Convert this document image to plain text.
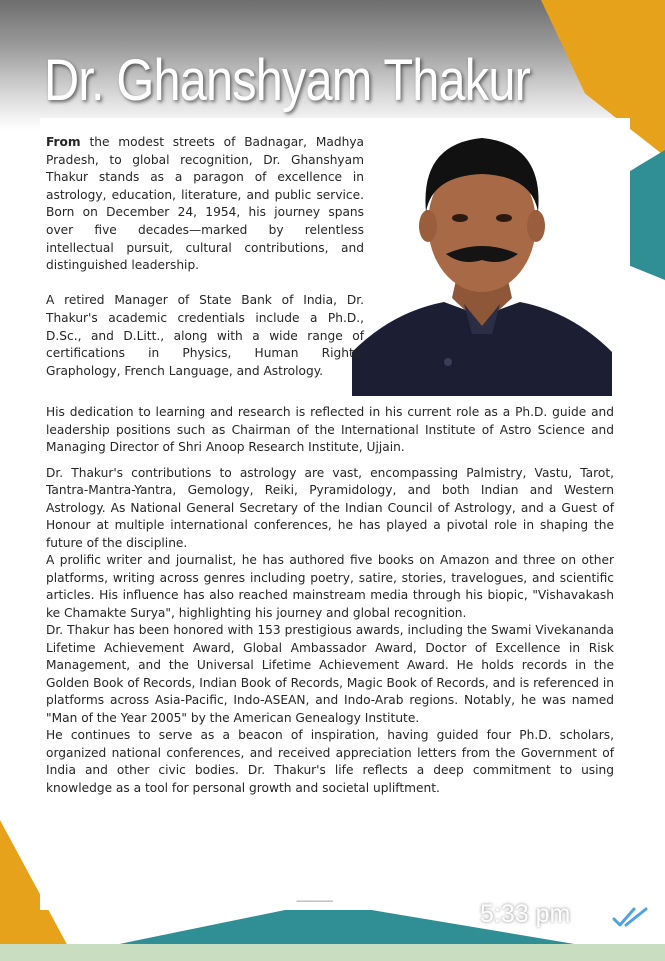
Dr. Ghanshyam Thakur

From the modest streets of Badnagar, Madhya Pradesh, to global recognition, Dr. Ghanshyam Thakur stands as a paragon of excellence in astrology, education, literature, and public service. Born on December 24, 1954, his journey spans over five decades—marked by relentless intellectual pursuit, cultural contributions, and distinguished leadership.

A retired Manager of State Bank of India, Dr. Thakur's academic credentials include a Ph.D., D.Sc., and D.Litt., along with a wide range of certifications in Physics, Human Rights, Graphology, French Language, and Astrology.

His dedication to learning and research is reflected in his current role as a Ph.D. guide and leadership positions such as Chairman of the International Institute of Astro Science and Managing Director of Shri Anoop Research Institute, Ujjain.

Dr. Thakur's contributions to astrology are vast, encompassing Palmistry, Vastu, Tarot, Tantra-Mantra-Yantra, Gemology, Reiki, Pyramidology, and both Indian and Western Astrology. As National General Secretary of the Indian Council of Astrology, and a Guest of Honour at multiple international conferences, he has played a pivotal role in shaping the future of the discipline.

A prolific writer and journalist, he has authored five books on Amazon and three on other platforms, writing across genres including poetry, satire, stories, travelogues, and scientific articles. His influence has also reached mainstream media through his biopic, "Vishavakash ke Chamakte Surya", highlighting his journey and global recognition.

Dr. Thakur has been honored with 153 prestigious awards, including the Swami Vivekananda Lifetime Achievement Award, Global Ambassador Award, Doctor of Excellence in Risk Management, and the Universal Lifetime Achievement Award. He holds records in the Golden Book of Records, Indian Book of Records, Magic Book of Records, and is referenced in platforms across Asia-Pacific, Indo-ASEAN, and Indo-Arab regions. Notably, he was named "Man of the Year 2005" by the American Genealogy Institute.

He continues to serve as a beacon of inspiration, having guided four Ph.D. scholars, organized national conferences, and received appreciation letters from the Government of India and other civic bodies. Dr. Thakur's life reflects a deep commitment to using knowledge as a tool for personal growth and societal upliftment.

--------------	5:33 pm
